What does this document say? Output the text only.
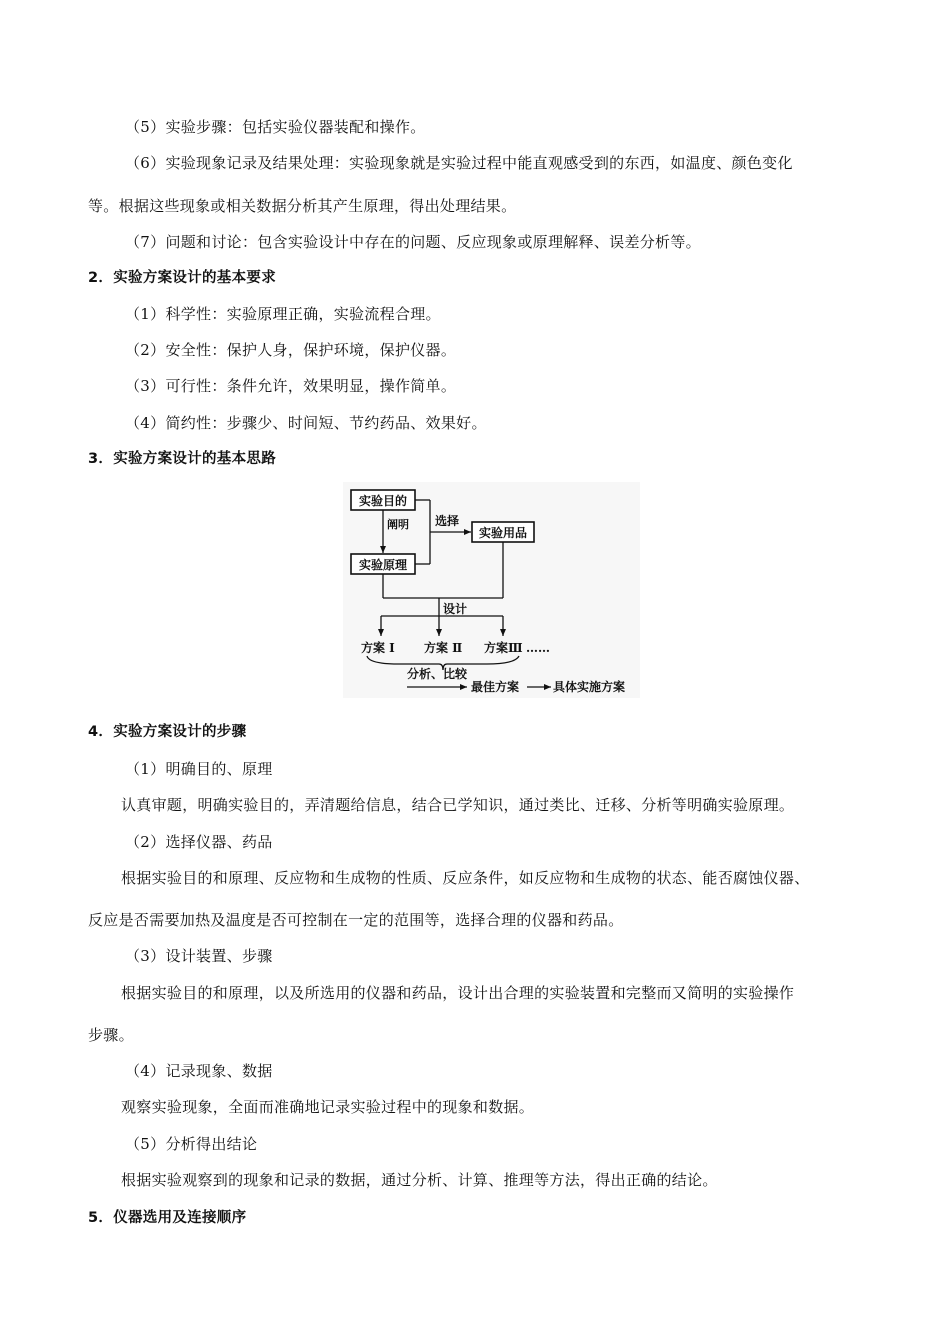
（5）实验步骤：包括实验仪器装配和操作。
（6）实验现象记录及结果处理：实验现象就是实验过程中能直观感受到的东西，如温度、颜色变化
等。根据这些现象或相关数据分析其产生原理，得出处理结果。
（7）问题和讨论：包含实验设计中存在的问题、反应现象或原理解释、误差分析等。
2．实验方案设计的基本要求
（1）科学性：实验原理正确，实验流程合理。
（2）安全性：保护人身，保护环境，保护仪器。
（3）可行性：条件允许，效果明显，操作简单。
（4）简约性：步骤少、时间短、节约药品、效果好。
3．实验方案设计的基本思路
实验目的
实验原理
实验用品
阐明 选择
设计
方案 Ⅰ 方案 Ⅱ 方案Ⅲ ……
分析、比较
最佳方案	具体实施方案
4．实验方案设计的步骤
（1）明确目的、原理
认真审题，明确实验目的，弄清题给信息，结合已学知识，通过类比、迁移、分析等明确实验原理。
（2）选择仪器、药品
根据实验目的和原理、反应物和生成物的性质、反应条件，如反应物和生成物的状态、能否腐蚀仪器、
反应是否需要加热及温度是否可控制在一定的范围等，选择合理的仪器和药品。
（3）设计装置、步骤
根据实验目的和原理，以及所选用的仪器和药品，设计出合理的实验装置和完整而又简明的实验操作
步骤。
（4）记录现象、数据
观察实验现象，全面而准确地记录实验过程中的现象和数据。
（5）分析得出结论
根据实验观察到的现象和记录的数据，通过分析、计算、推理等方法，得出正确的结论。
5．仪器选用及连接顺序
